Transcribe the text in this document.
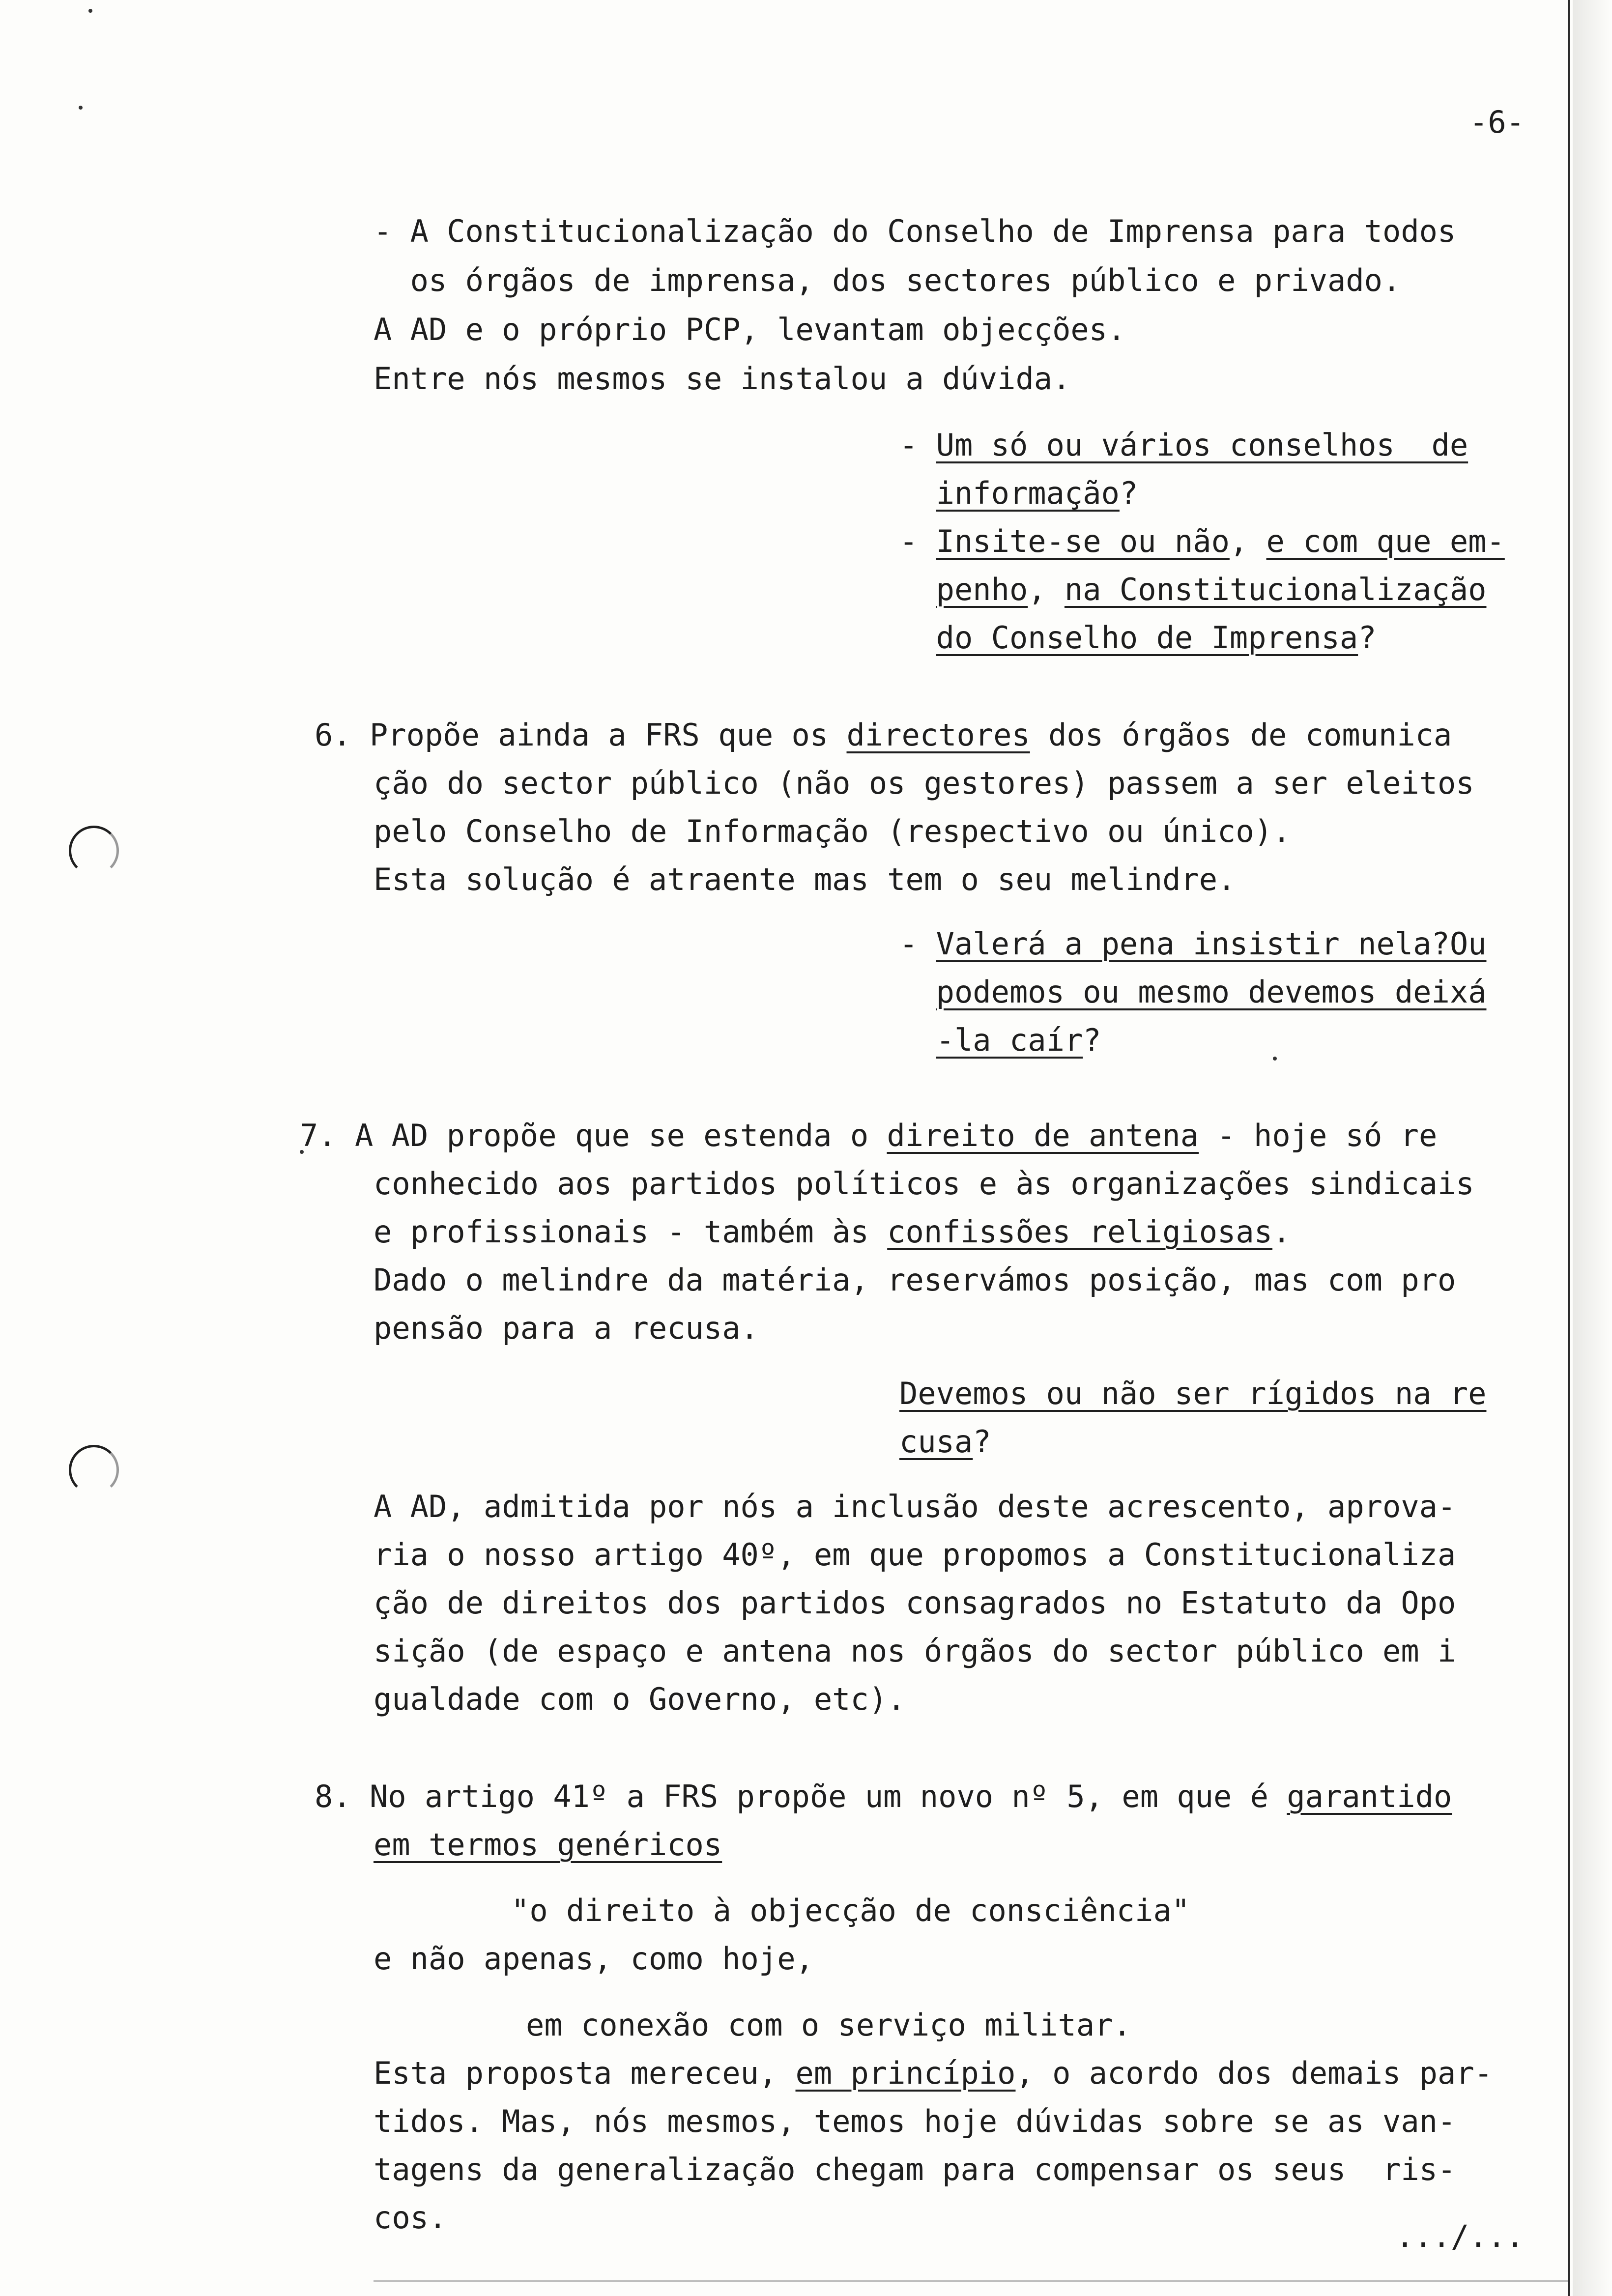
-6-
- A Constitucionalização do Conselho de Imprensa para todos
os órgãos de imprensa, dos sectores público e privado.
A AD e o próprio PCP, levantam objecções.
Entre nós mesmos se instalou a dúvida.
- Um só ou vários conselhos  de
informação?
- Insite-se ou não, e com que em-
penho, na Constitucionalização
do Conselho de Imprensa?
6. Propõe ainda a FRS que os directores dos órgãos de comunica
ção do sector público (não os gestores) passem a ser eleitos
pelo Conselho de Informação (respectivo ou único).
Esta solução é atraente mas tem o seu melindre.
- Valerá a pena insistir nela?Ou
podemos ou mesmo devemos deixá
-la caír?
7. A AD propõe que se estenda o direito de antena - hoje só re
conhecido aos partidos políticos e às organizações sindicais
e profissionais - também às confissões religiosas.
Dado o melindre da matéria, reservámos posição, mas com pro
pensão para a recusa.
Devemos ou não ser rígidos na re
cusa?
A AD, admitida por nós a inclusão deste acrescento, aprova-
ria o nosso artigo 40º, em que propomos a Constitucionaliza
ção de direitos dos partidos consagrados no Estatuto da Opo
sição (de espaço e antena nos órgãos do sector público em i
gualdade com o Governo, etc).
8. No artigo 41º a FRS propõe um novo nº 5, em que é garantido
em termos genéricos
"o direito à objecção de consciência"
e não apenas, como hoje,
em conexão com o serviço militar.
Esta proposta mereceu, em princípio, o acordo dos demais par-
tidos. Mas, nós mesmos, temos hoje dúvidas sobre se as van-
tagens da generalização chegam para compensar os seus  ris-
cos.
.../...
